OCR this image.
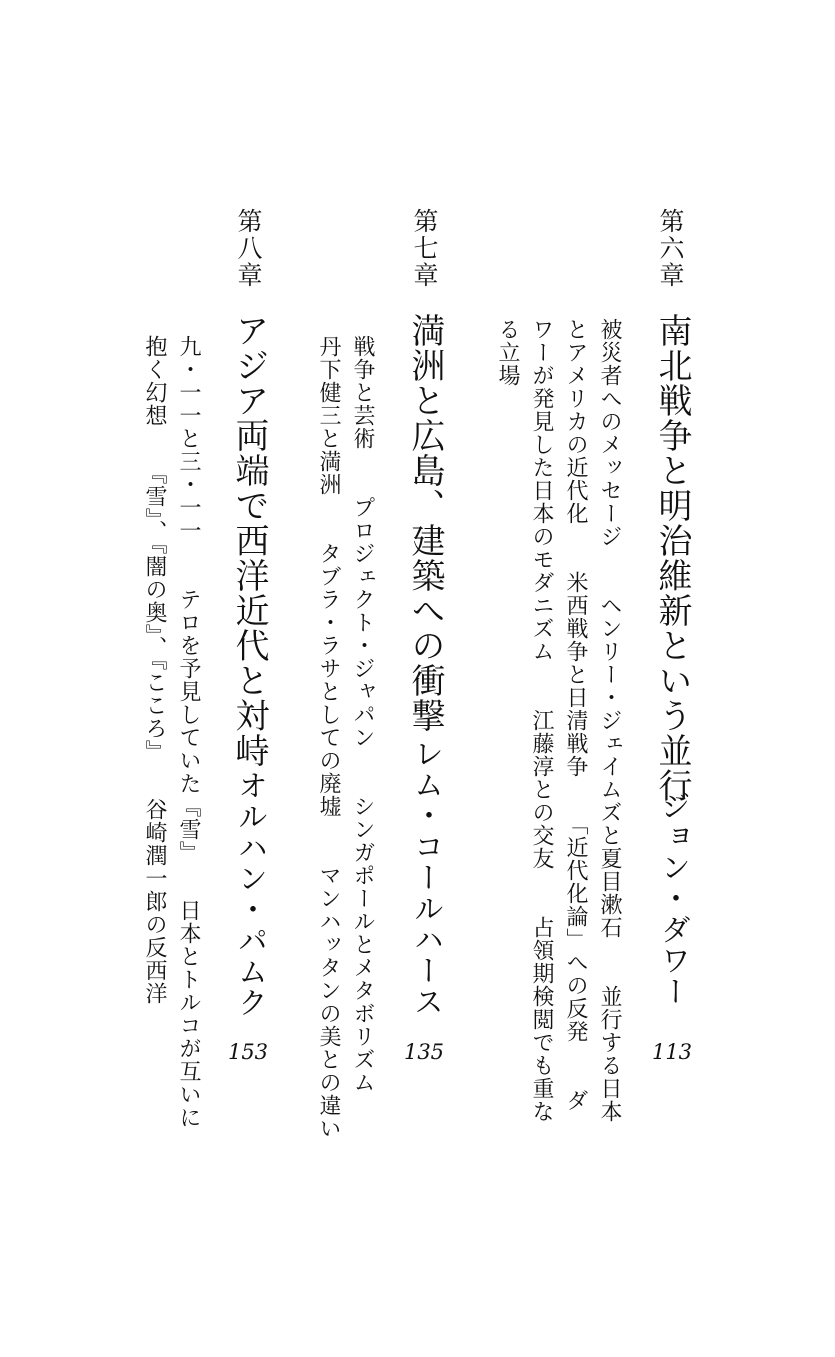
第六章

南北戦争と明治維新という並行

ジョン・ダワー

113

被災者へのメッセージ　　ヘンリー・ジェイムズと夏目漱石　　並行する日本

とアメリカの近代化　　米西戦争と日清戦争　　「近代化論」への反発　　ダ

ワーが発見した日本のモダニズム　　江藤淳との交友　　占領期検閲でも重な

る立場

第七章

満洲と広島、建築への衝撃

レム・コールハース

135

戦争と芸術　　プロジェクト・ジャパン　　シンガポールとメタボリズム

丹下健三と満洲　　タブラ・ラサとしての廃墟　　マンハッタンの美との違い

第八章

アジア両端で西洋近代と対峙

オルハン・パムク

153

九・一一と三・一一　　テロを予見していた『雪』　　日本とトルコが互いに

抱く幻想　　『雪』、『闇の奥』、『こころ』　　谷崎潤一郎の反西洋
